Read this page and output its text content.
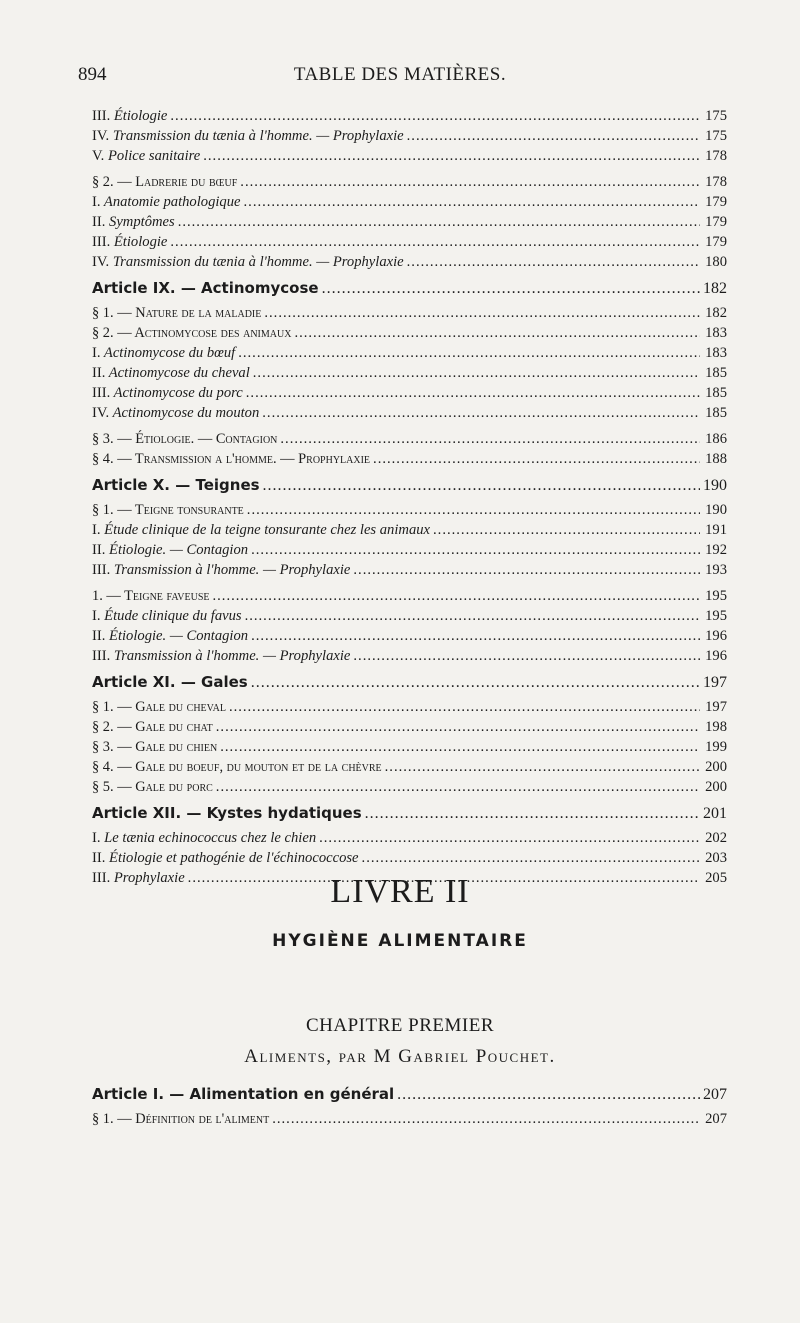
894	TABLE DES MATIÈRES.
III. Étiologie .....	175
IV. Transmission du tænia à l'homme. — Prophylaxie .....	175
V. Police sanitaire .....	178
§ 2. — Ladrerie du bœuf .....	178
I. Anatomie pathologique .....	179
II. Symptômes .....	179
III. Étiologie .....	179
IV. Transmission du tænia à l'homme. — Prophylaxie .....	180
Article IX. — Actinomycose .....	182
§ 1. — Nature de la maladie .....	182
§ 2. — Actinomycose des animaux .....	183
I. Actinomycose du bœuf .....	183
II. Actinomycose du cheval .....	185
III. Actinomycose du porc .....	185
IV. Actinomycose du mouton .....	185
§ 3. — Étiologie. — Contagion .....	186
§ 4. — Transmission a l'homme. — Prophylaxie .....	188
Article X. — Teignes .....	190
§ 1. — Teigne tonsurante .....	190
I. Étude clinique de la teigne tonsurante chez les animaux .....	191
II. Étiologie. — Contagion .....	192
III. Transmission à l'homme. — Prophylaxie .....	193
1. — Teigne faveuse .....	195
I. Étude clinique du favus .....	195
II. Étiologie. — Contagion .....	196
III. Transmission à l'homme. — Prophylaxie .....	196
Article XI. — Gales .....	197
§ 1. — Gale du cheval .....	197
§ 2. — Gale du chat .....	198
§ 3. — Gale du chien .....	199
§ 4. — Gale du boeuf, du mouton et de la chèvre .....	200
§ 5. — Gale du porc .....	200
Article XII. — Kystes hydatiques .....	201
I. Le tænia echinococcus chez le chien .....	202
II. Étiologie et pathogénie de l'échinococcose .....	203
III. Prophylaxie .....	205
LIVRE II
HYGIÈNE ALIMENTAIRE
CHAPITRE PREMIER
Aliments, par M Gabriel Pouchet.
Article I. — Alimentation en général .....	207
§ 1. — Définition de l'aliment .....	207
